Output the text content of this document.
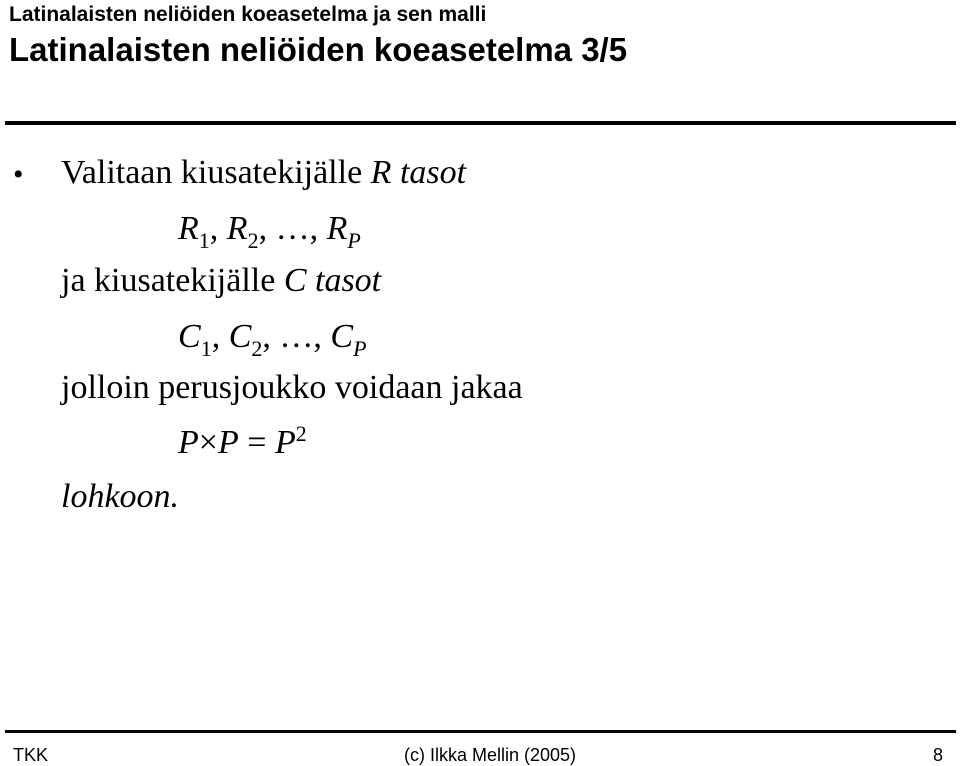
Latinalaisten neliöiden koeasetelma ja sen malli
Latinalaisten neliöiden koeasetelma 3/5
• Valitaan kiusatekijälle R tasot
$R_1$, $R_2$, …, $R_P$
ja kiusatekijälle C tasot
$C_1$, $C_2$, …, $C_P$
jolloin perusjoukko voidaan jakaa
$P\times P = P^2$
lohkoon.
TKK	(c) Ilkka Mellin (2005)	8
